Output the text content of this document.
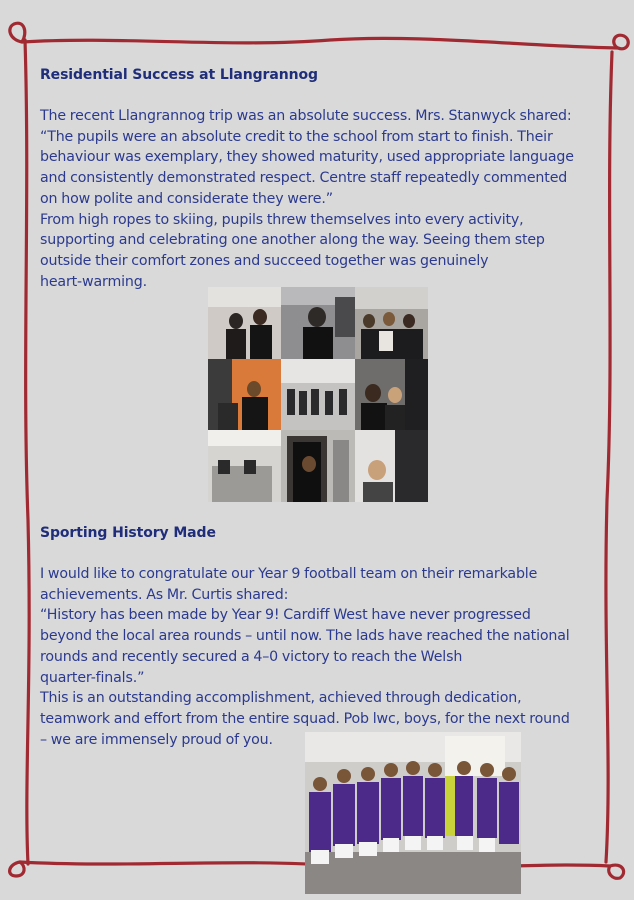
Residential Success at Llangrannog
The recent Llangrannog trip was an absolute success. Mrs. Stanwyck shared:
“The pupils were an absolute credit to the school from start to finish. Their
behaviour was exemplary, they showed maturity, used appropriate language
and consistently demonstrated respect. Centre staff repeatedly commented
on how polite and considerate they were.”
From high ropes to skiing, pupils threw themselves into every activity,
supporting and celebrating one another along the way. Seeing them step
outside their comfort zones and succeed together was genuinely
heart-warming.
Sporting History Made
I would like to congratulate our Year 9 football team on their remarkable
achievements. As Mr. Curtis shared:
“History has been made by Year 9! Cardiff West have never progressed
beyond the local area rounds – until now. The lads have reached the national
rounds and recently secured a 4–0 victory to reach the Welsh
quarter-finals.”
This is an outstanding accomplishment, achieved through dedication,
teamwork and effort from the entire squad. Pob lwc, boys, for the next round
– we are immensely proud of you.
